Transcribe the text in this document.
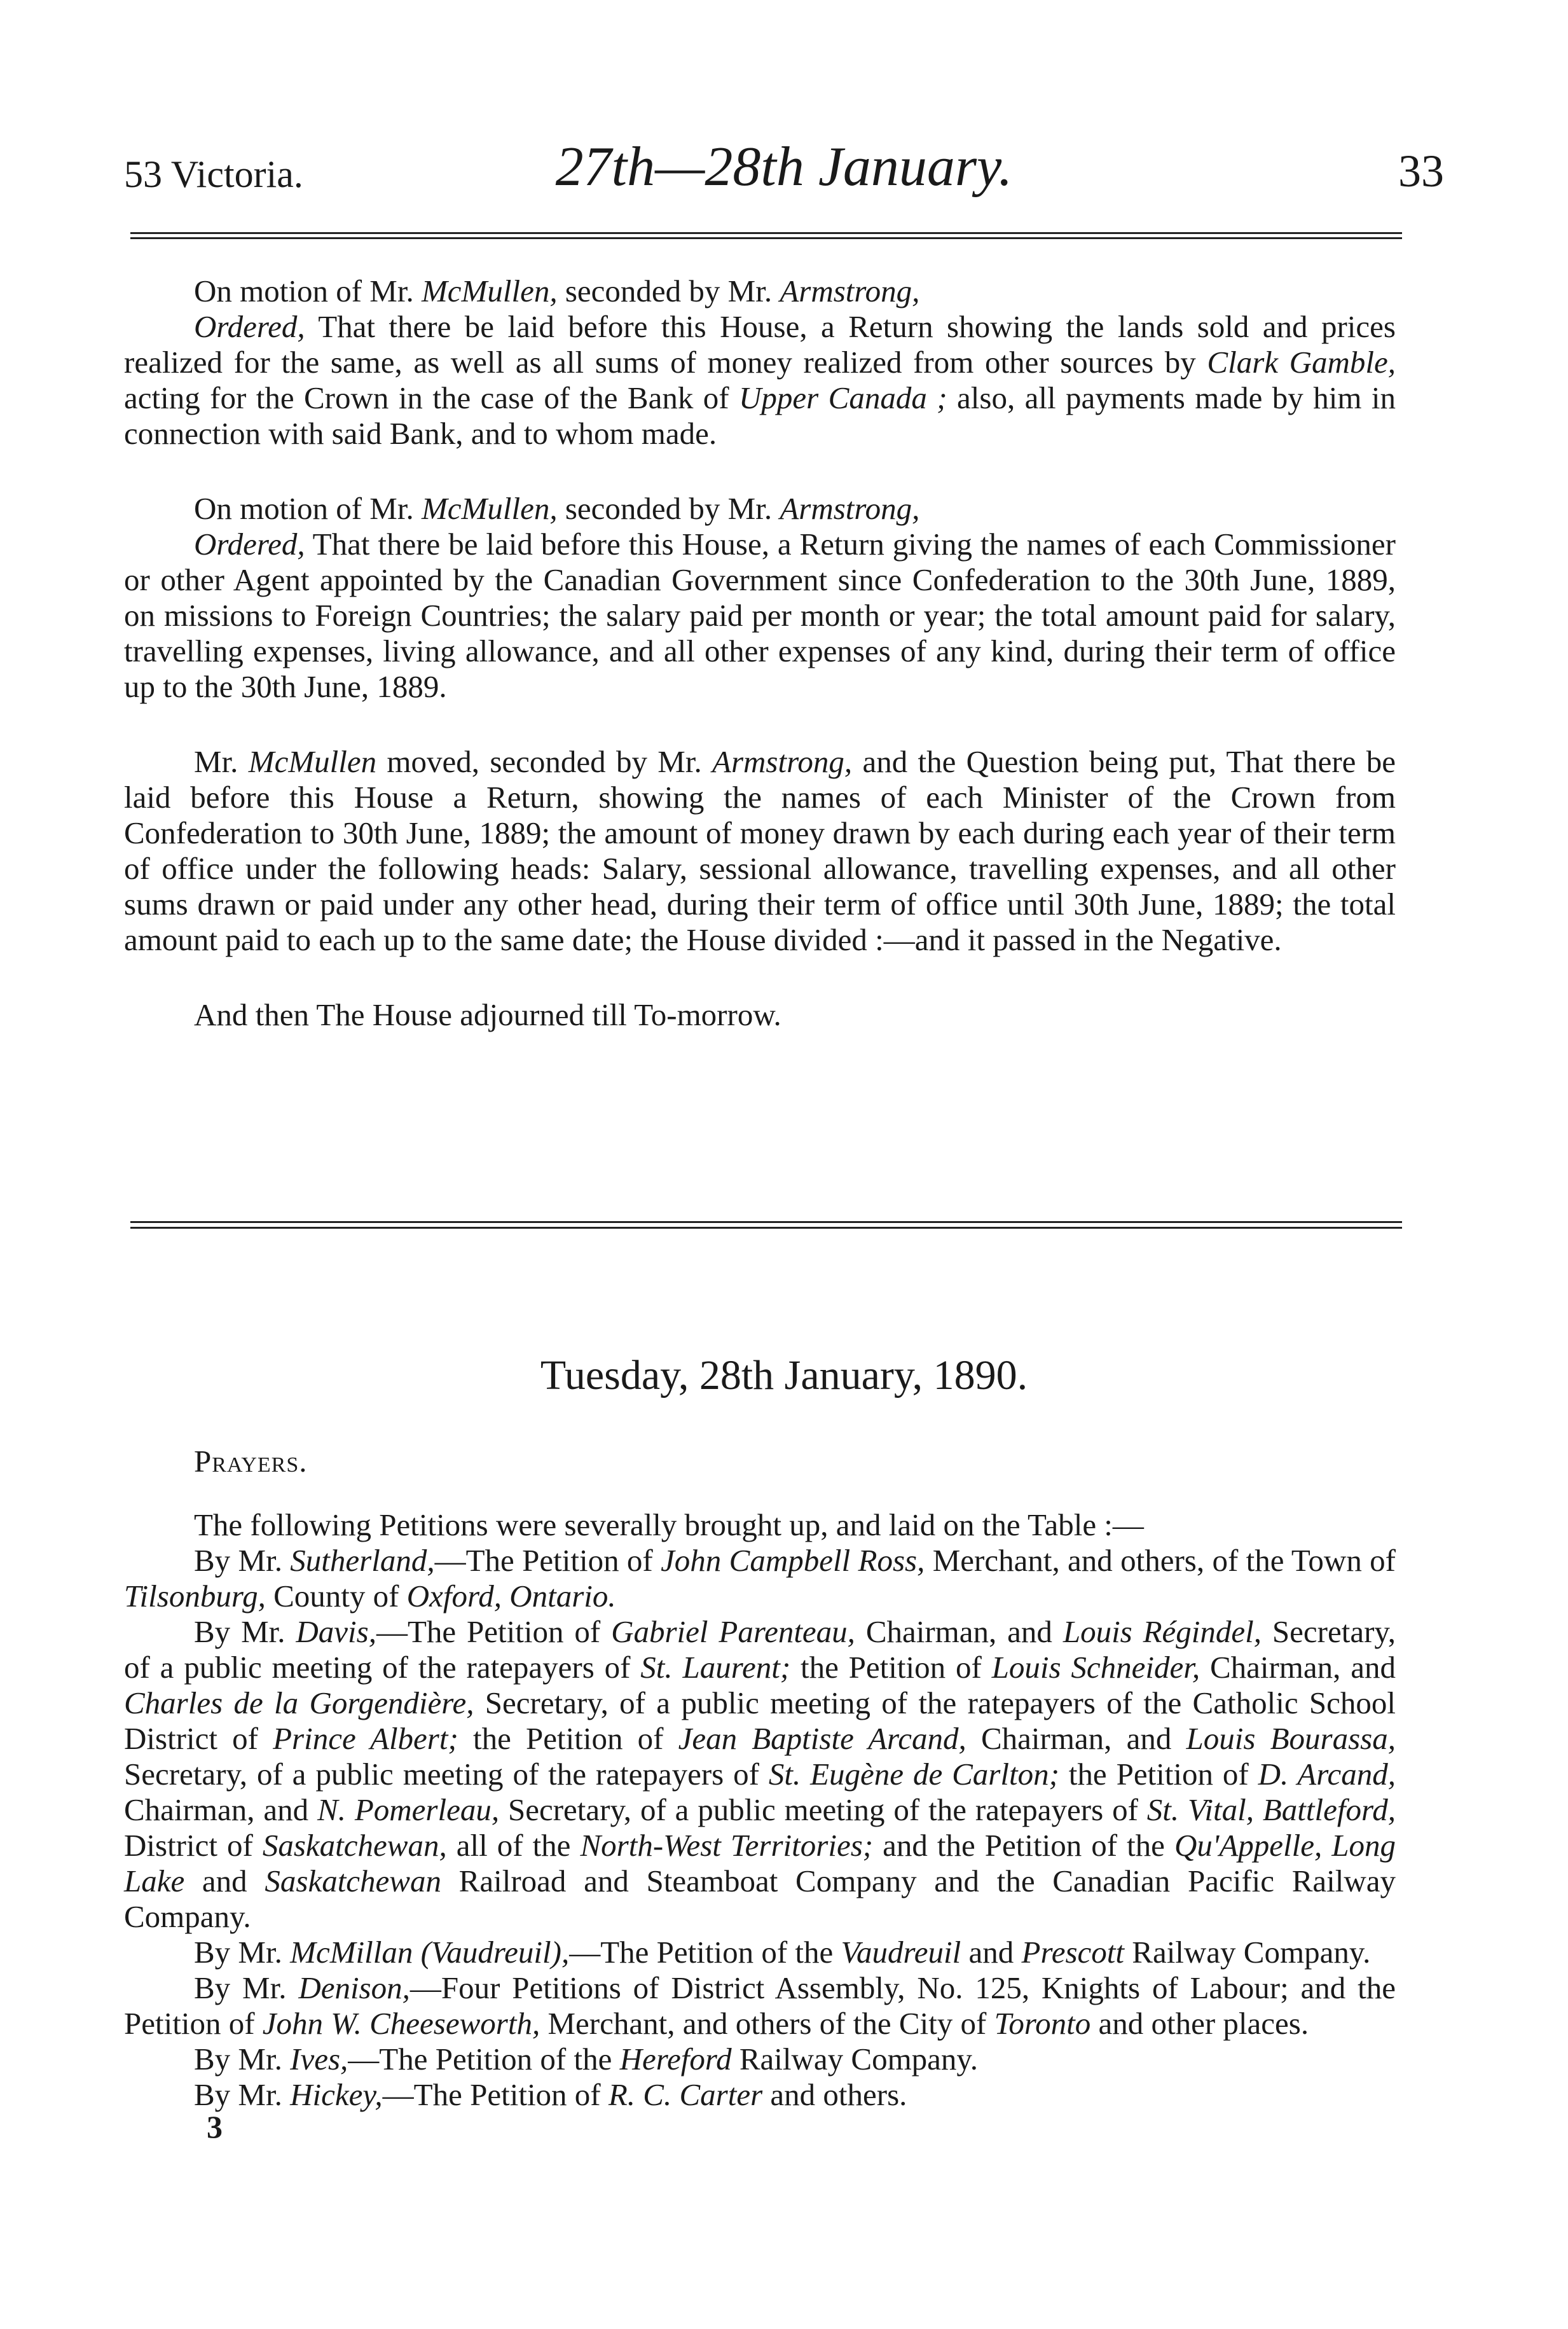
53 Victoria.	27th—28th January.	33

On motion of Mr. McMullen, seconded by Mr. Armstrong,

Ordered, That there be laid before this House, a Return showing the lands sold and prices realized for the same, as well as all sums of money realized from other sources by Clark Gamble, acting for the Crown in the case of the Bank of Upper Canada ; also, all payments made by him in connection with said Bank, and to whom made.

On motion of Mr. McMullen, seconded by Mr. Armstrong,

Ordered, That there be laid before this House, a Return giving the names of each Commissioner or other Agent appointed by the Canadian Government since Confederation to the 30th June, 1889, on missions to Foreign Countries; the salary paid per month or year; the total amount paid for salary, travelling expenses, living allowance, and all other expenses of any kind, during their term of office up to the 30th June, 1889.

Mr. McMullen moved, seconded by Mr. Armstrong, and the Question being put, That there be laid before this House a Return, showing the names of each Minister of the Crown from Confederation to 30th June, 1889; the amount of money drawn by each during each year of their term of office under the following heads: Salary, sessional allowance, travelling expenses, and all other sums drawn or paid under any other head, during their term of office until 30th June, 1889; the total amount paid to each up to the same date; the House divided :—and it passed in the Negative.

And then The House adjourned till To-morrow.

Tuesday, 28th January, 1890.

Prayers.

The following Petitions were severally brought up, and laid on the Table :—

By Mr. Sutherland,—The Petition of John Campbell Ross, Merchant, and others, of the Town of Tilsonburg, County of Oxford, Ontario.

By Mr. Davis,—The Petition of Gabriel Parenteau, Chairman, and Louis Régindel, Secretary, of a public meeting of the ratepayers of St. Laurent; the Petition of Louis Schneider, Chairman, and Charles de la Gorgendière, Secretary, of a public meeting of the ratepayers of the Catholic School District of Prince Albert; the Petition of Jean Baptiste Arcand, Chairman, and Louis Bourassa, Secretary, of a public meeting of the ratepayers of St. Eugène de Carlton; the Petition of D. Arcand, Chairman, and N. Pomerleau, Secretary, of a public meeting of the ratepayers of St. Vital, Battleford, District of Saskatchewan, all of the North-West Territories; and the Petition of the Qu'Appelle, Long Lake and Saskatchewan Railroad and Steamboat Company and the Canadian Pacific Railway Company.

By Mr. McMillan (Vaudreuil),—The Petition of the Vaudreuil and Prescott Railway Company.

By Mr. Denison,—Four Petitions of District Assembly, No. 125, Knights of Labour; and the Petition of John W. Cheeseworth, Merchant, and others of the City of Toronto and other places.

By Mr. Ives,—The Petition of the Hereford Railway Company.

By Mr. Hickey,—The Petition of R. C. Carter and others.

3
